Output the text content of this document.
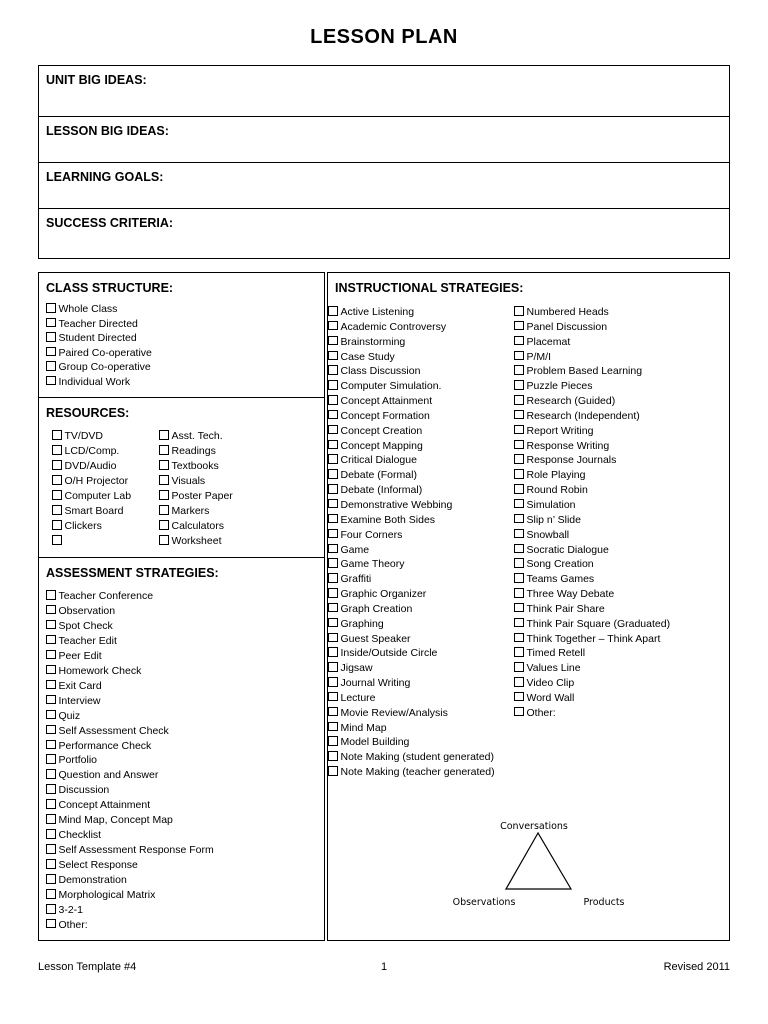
LESSON PLAN
UNIT BIG IDEAS:
LESSON BIG IDEAS:
LEARNING GOALS:
SUCCESS CRITERIA:
CLASS STRUCTURE:
Whole Class
Teacher Directed
Student Directed
Paired Co-operative
Group Co-operative
Individual Work
RESOURCES:
TV/DVD
LCD/Comp.
DVD/Audio
O/H Projector
Computer Lab
Smart Board
Clickers
Asst. Tech.
Readings
Textbooks
Visuals
Poster Paper
Markers
Calculators
Worksheet
ASSESSMENT STRATEGIES:
Teacher Conference
Observation
Spot Check
Teacher Edit
Peer Edit
Homework Check
Exit Card
Interview
Quiz
Self Assessment Check
Performance Check
Portfolio
Question and Answer
Discussion
Concept Attainment
Mind Map, Concept Map
Checklist
Self Assessment Response Form
Select Response
Demonstration
Morphological Matrix
3-2-1
Other:
INSTRUCTIONAL STRATEGIES:
Active Listening
Academic Controversy
Brainstorming
Case Study
Class Discussion
Computer Simulation.
Concept Attainment
Concept Formation
Concept Creation
Concept Mapping
Critical Dialogue
Debate (Formal)
Debate (Informal)
Demonstrative Webbing
Examine Both Sides
Four Corners
Game
Game Theory
Graffiti
Graphic Organizer
Graph Creation
Graphing
Guest Speaker
Inside/Outside Circle
Jigsaw
Journal Writing
Lecture
Movie Review/Analysis
Mind Map
Model Building
Note Making (student generated)
Note Making (teacher generated)
Numbered Heads
Panel Discussion
Placemat
P/M/I
Problem Based Learning
Puzzle Pieces
Research (Guided)
Research (Independent)
Report Writing
Response Writing
Response Journals
Role Playing
Round Robin
Simulation
Slip n’ Slide
Snowball
Socratic Dialogue
Song Creation
Teams Games
Three Way Debate
Think Pair Share
Think Pair Square (Graduated)
Think Together – Think Apart
Timed Retell
Values Line
Video Clip
Word Wall
Other:
Conversations
Observations	Products
Lesson Template #4	1	Revised 2011
